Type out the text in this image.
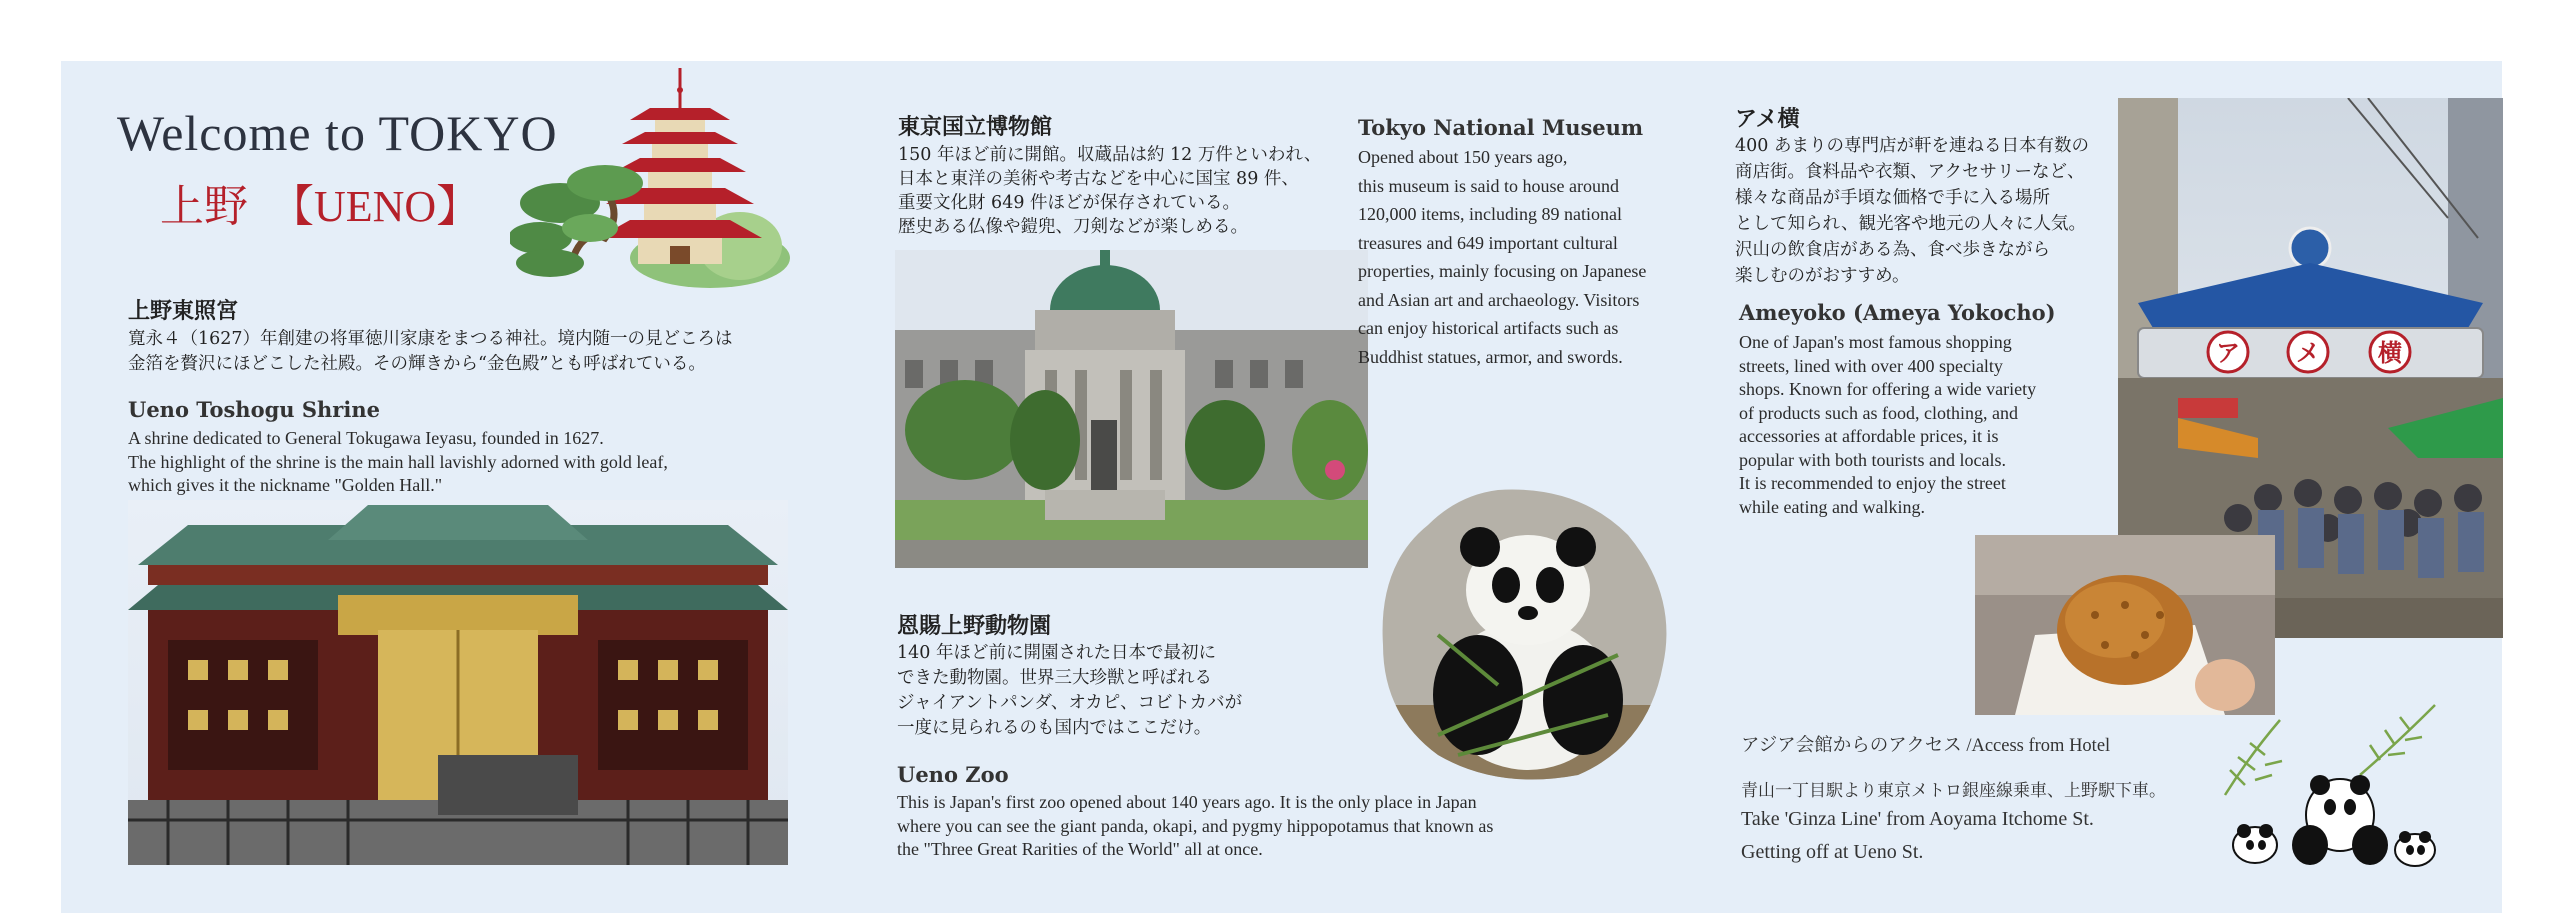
Welcome to TOKYO
上野　【UENO】
上野東照宮
寛永４（1627）年創建の将軍徳川家康をまつる神社。境内随一の見どころは
金箔を贅沢にほどこした社殿。その輝きから“金色殿”とも呼ばれている。
Ueno Toshogu Shrine
A shrine dedicated to General Tokugawa Ieyasu, founded in 1627.
The highlight of the shrine is the main hall lavishly adorned with gold leaf,
which gives it the nickname "Golden Hall."
東京国立博物館
150 年ほど前に開館。収蔵品は約 12 万件といわれ、
日本と東洋の美術や考古などを中心に国宝 89 件、
重要文化財 649 件ほどが保存されている。
歴史ある仏像や鎧兜、刀剣などが楽しめる。
Tokyo National Museum
Opened about 150 years ago,
this museum is said to house around
120,000 items, including 89 national
treasures and 649 important cultural
properties, mainly focusing on Japanese
and Asian art and archaeology. Visitors
can enjoy historical artifacts such as
Buddhist statues, armor, and swords.
恩賜上野動物園
140 年ほど前に開園された日本で最初に
できた動物園。世界三大珍獣と呼ばれる
ジャイアントパンダ、オカピ、コビトカバが
一度に見られるのも国内ではここだけ。
Ueno Zoo
This is Japan's first zoo opened about 140 years ago. It is the only place in Japan
where you can see the giant panda, okapi, and pygmy hippopotamus that known as
the "Three Great Rarities of the World" all at once.
アメ横
400 あまりの専門店が軒を連ねる日本有数の
商店街。食料品や衣類、アクセサリーなど、
様々な商品が手頃な価格で手に入る場所
として知られ、観光客や地元の人々に人気。
沢山の飲食店がある為、食べ歩きながら
楽しむのがおすすめ。
Ameyoko (Ameya Yokocho)
One of Japan's most famous shopping
streets, lined with over 400 specialty
shops. Known for offering a wide variety
of products such as food, clothing, and
accessories at affordable prices, it is
popular with both tourists and locals.
It is recommended to enjoy the street
while eating and walking.
ア メ 横
アジア会館からのアクセス /Access from Hotel
青山一丁目駅より東京メトロ銀座線乗車、上野駅下車。
Take 'Ginza Line' from Aoyama Itchome St.
Getting off at Ueno St.
